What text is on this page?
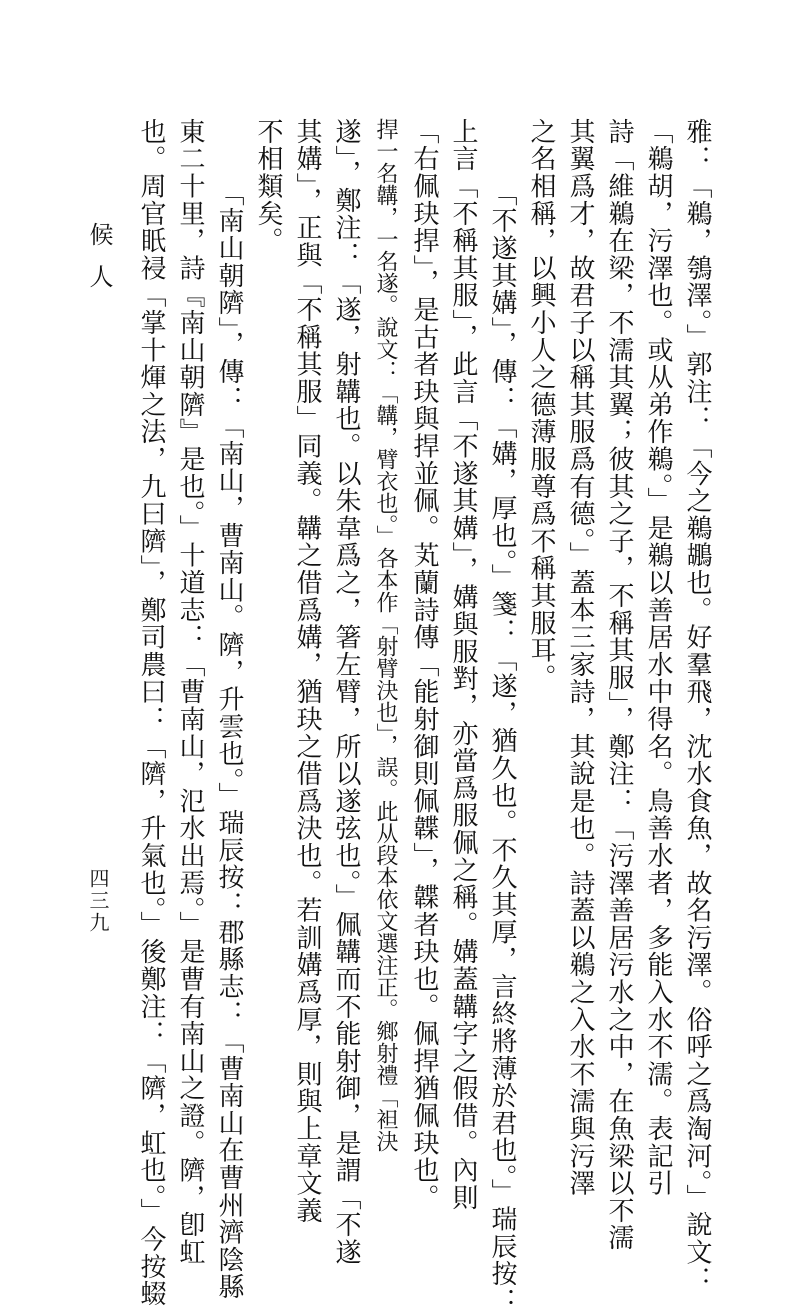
候人
四三九	雅：「鵜，鴮澤。」郭注：「今之鵜鶘也。好羣飛，沈水食魚，故名污澤。俗呼之爲淘河。」說文：
「鵜胡，污澤也。或从弟作鵜。」是鵜以善居水中得名。鳥善水者，多能入水不濡。表記引
詩「維鵜在梁，不濡其翼；彼其之子，不稱其服」，鄭注：「污澤善居污水之中，在魚梁以不濡
其翼爲才，故君子以稱其服爲有德。」蓋本三家詩，其說是也。詩蓋以鵜之入水不濡與污澤
之名相稱，以興小人之德薄服尊爲不稱其服耳。
「不遂其媾」，傳：「媾，厚也。」箋：「遂，猶久也。不久其厚，言終將薄於君也。」瑞辰按：
上言「不稱其服」，此言「不遂其媾」，媾與服對，亦當爲服佩之稱。媾蓋韝字之假借。內則
「右佩玦捍」，是古者玦與捍並佩。芄蘭詩傳「能射御則佩韘」，韘者玦也。佩捍猶佩玦也。
捍一名韝，一名遂。說文：「韝，臂衣也。」各本作「射臂決也」，誤。此从段本依文選注正。鄉射禮「袒決
遂」，鄭注：「遂，射韝也。以朱韋爲之，箸左臂，所以遂弦也。」佩韝而不能射御，是謂「不遂
其媾」，正與「不稱其服」同義。韝之借爲媾，猶玦之借爲決也。若訓媾爲厚，則與上章文義
不相類矣。
「南山朝隮」，傳：「南山，曹南山。隮，升雲也。」瑞辰按：郡縣志：「曹南山在曹州濟陰縣
東二十里，詩『南山朝隮』是也。」十道志：「曹南山，氾水出焉。」是曹有南山之證。隮，卽虹
也。周官眂祲「掌十煇之法，九曰隮」，鄭司農曰：「隮，升氣也。」後鄭注：「隮，虹也。」今按蝃
